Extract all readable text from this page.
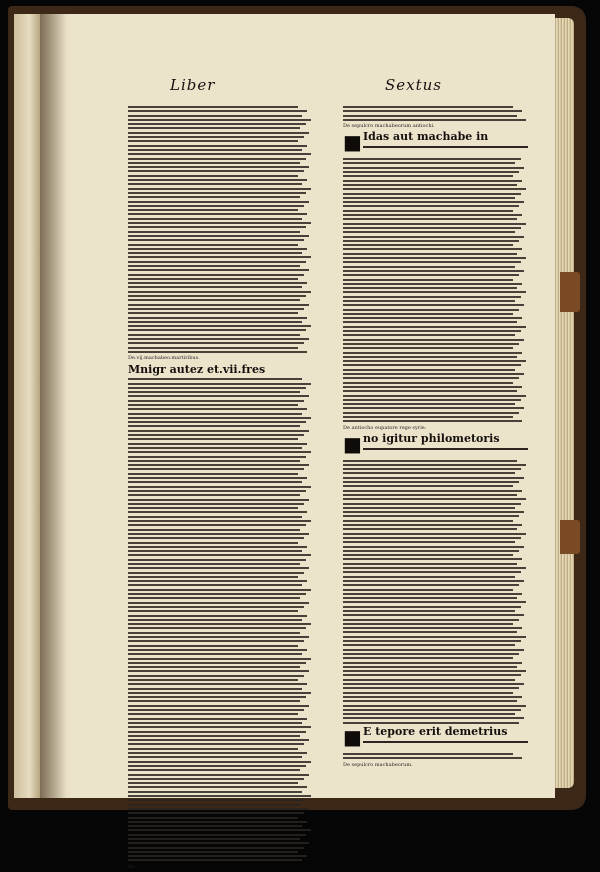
Liber	Sextus
De.vij.machabeo.martiribus.
Mnigr autez et.vii.fres
De
De sepulcro machabeorum antiochi.
■ Idas aut machabe in
De antiocho eupatore rege syrie.
■ no igitur philometoris
■ E tepore erit demetrius
De sepulcro machabeorum.
